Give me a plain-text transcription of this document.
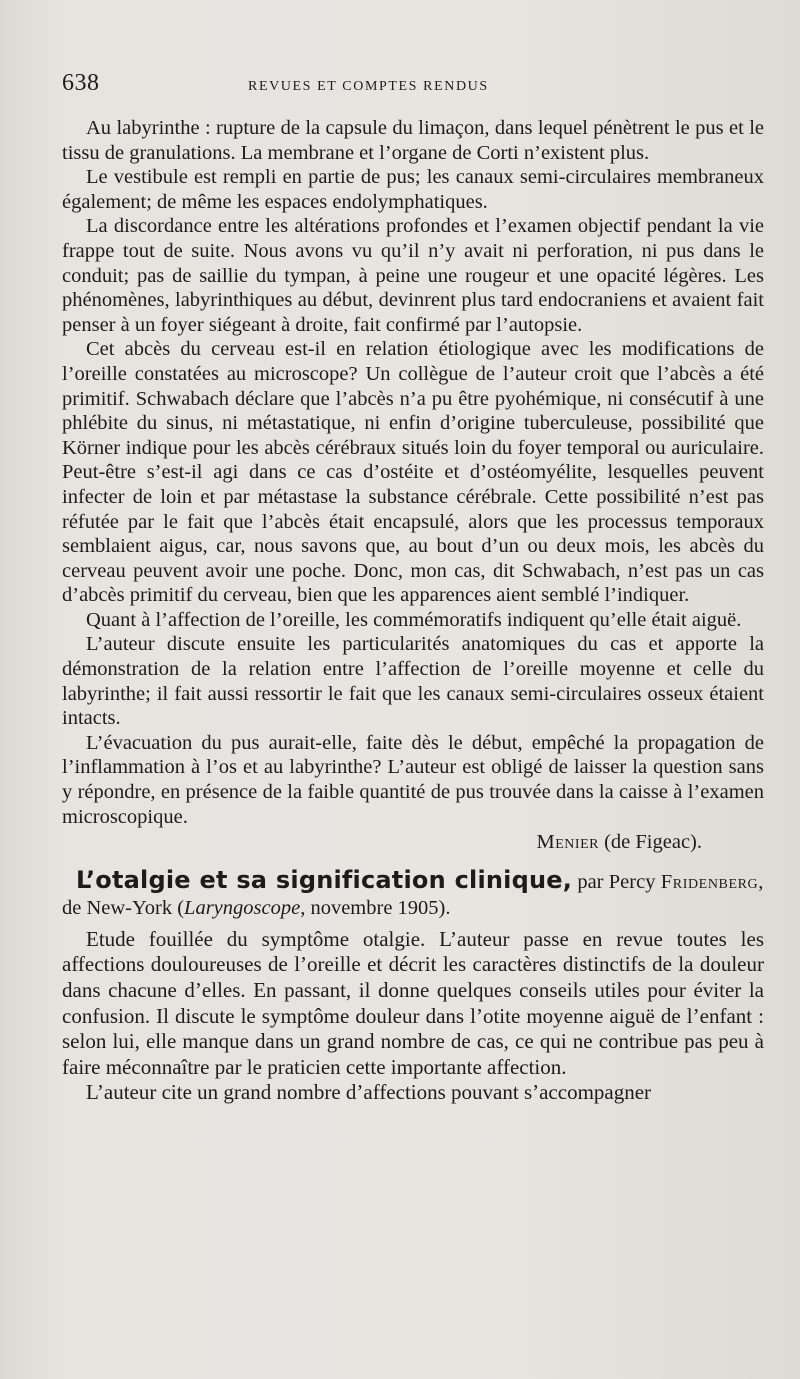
638	REVUES ET COMPTES RENDUS

Au labyrinthe : rupture de la capsule du limaçon, dans lequel pénètrent le pus et le tissu de granulations. La membrane et l’organe de Corti n’existent plus.

Le vestibule est rempli en partie de pus; les canaux semi-circulaires membraneux également; de même les espaces endolymphatiques.

La discordance entre les altérations profondes et l’examen objectif pendant la vie frappe tout de suite. Nous avons vu qu’il n’y avait ni perforation, ni pus dans le conduit; pas de saillie du tympan, à peine une rougeur et une opacité légères. Les phénomènes, labyrinthiques au début, devinrent plus tard endocraniens et avaient fait penser à un foyer siégeant à droite, fait confirmé par l’autopsie.

Cet abcès du cerveau est-il en relation étiologique avec les modifications de l’oreille constatées au microscope? Un collègue de l’auteur croit que l’abcès a été primitif. Schwabach déclare que l’abcès n’a pu être pyohémique, ni consécutif à une phlébite du sinus, ni métastatique, ni enfin d’origine tuberculeuse, possibilité que Körner indique pour les abcès cérébraux situés loin du foyer temporal ou auriculaire. Peut-être s’est-il agi dans ce cas d’ostéite et d’ostéomyélite, lesquelles peuvent infecter de loin et par métastase la substance cérébrale. Cette possibilité n’est pas réfutée par le fait que l’abcès était encapsulé, alors que les processus temporaux semblaient aigus, car, nous savons que, au bout d’un ou deux mois, les abcès du cerveau peuvent avoir une poche. Donc, mon cas, dit Schwabach, n’est pas un cas d’abcès primitif du cerveau, bien que les apparences aient semblé l’indiquer.

Quant à l’affection de l’oreille, les commémoratifs indiquent qu’elle était aiguë.

L’auteur discute ensuite les particularités anatomiques du cas et apporte la démonstration de la relation entre l’affection de l’oreille moyenne et celle du labyrinthe; il fait aussi ressortir le fait que les canaux semi-circulaires osseux étaient intacts.

L’évacuation du pus aurait-elle, faite dès le début, empêché la propagation de l’inflammation à l’os et au labyrinthe? L’auteur est obligé de laisser la question sans y répondre, en présence de la faible quantité de pus trouvée dans la caisse à l’examen microscopique.

Menier (de Figeac).
L’otalgie et sa signification clinique, par Percy Fridenberg, de New-York (Laryngoscope, novembre 1905).

Etude fouillée du symptôme otalgie. L’auteur passe en revue toutes les affections douloureuses de l’oreille et décrit les caractères distinctifs de la douleur dans chacune d’elles. En passant, il donne quelques conseils utiles pour éviter la confusion. Il discute le symptôme douleur dans l’otite moyenne aiguë de l’enfant : selon lui, elle manque dans un grand nombre de cas, ce qui ne contribue pas peu à faire méconnaître par le praticien cette importante affection.

L’auteur cite un grand nombre d’affections pouvant s’accompagner
